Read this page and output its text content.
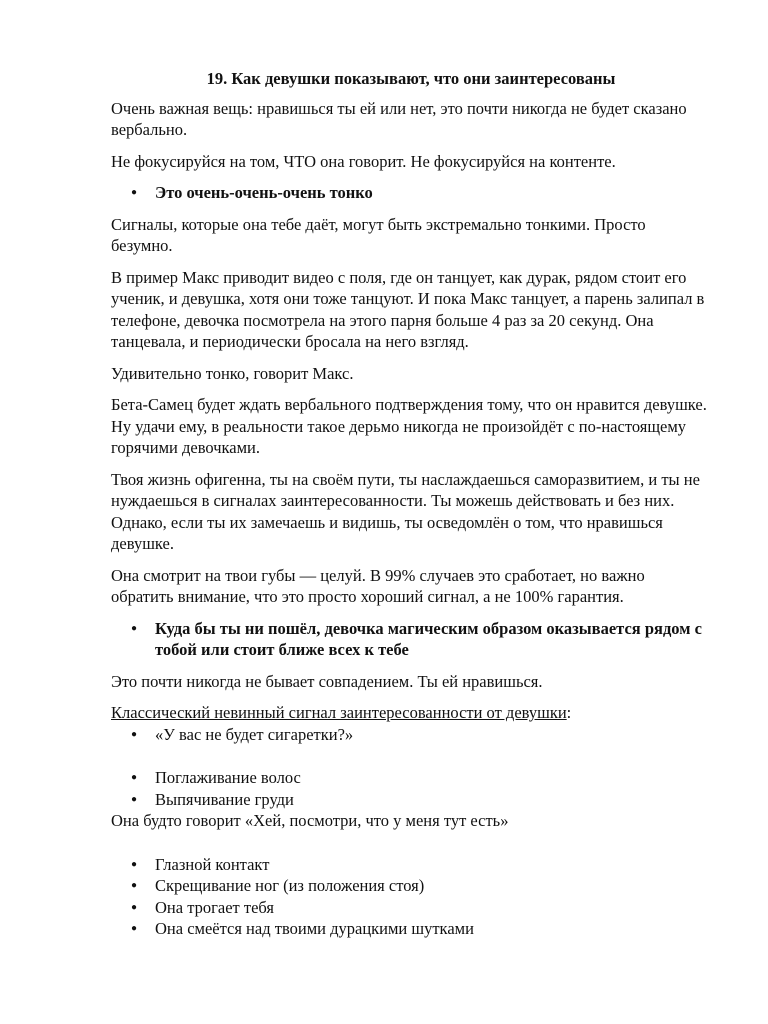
19. Как девушки показывают, что они заинтересованы

Очень важная вещь: нравишься ты ей или нет, это почти никогда не будет сказано вербально.

Не фокусируйся на том, ЧТО она говорит. Не фокусируйся на контенте.

● Это очень-очень-очень тонко

Сигналы, которые она тебе даёт, могут быть экстремально тонкими. Просто безумно.

В пример Макс приводит видео с поля, где он танцует, как дурак, рядом стоит его ученик, и девушка, хотя они тоже танцуют. И пока Макс танцует, а парень залипал в телефоне, девочка посмотрела на этого парня больше 4 раз за 20 секунд. Она танцевала, и периодически бросала на него взгляд.

Удивительно тонко, говорит Макс.

Бета-Самец будет ждать вербального подтверждения тому, что он нравится девушке. Ну удачи ему, в реальности такое дерьмо никогда не произойдёт с по-настоящему горячими девочками.

Твоя жизнь офигенна, ты на своём пути, ты наслаждаешься саморазвитием, и ты не нуждаешься в сигналах заинтересованности. Ты можешь действовать и без них. Однако, если ты их замечаешь и видишь, ты осведомлён о том, что нравишься девушке.

Она смотрит на твои губы — целуй. В 99% случаев это сработает, но важно обратить внимание, что это просто хороший сигнал, а не 100% гарантия.

● Куда бы ты ни пошёл, девочка магическим образом оказывается рядом с тобой или стоит ближе всех к тебе

Это почти никогда не бывает совпадением. Ты ей нравишься.

Классический невинный сигнал заинтересованности от девушки:

● «У вас не будет сигаретки?»
● Поглаживание волос
● Выпячивание груди

Она будто говорит «Хей, посмотри, что у меня тут есть»

● Глазной контакт
● Скрещивание ног (из положения стоя)
● Она трогает тебя
● Она смеётся над твоими дурацкими шутками
